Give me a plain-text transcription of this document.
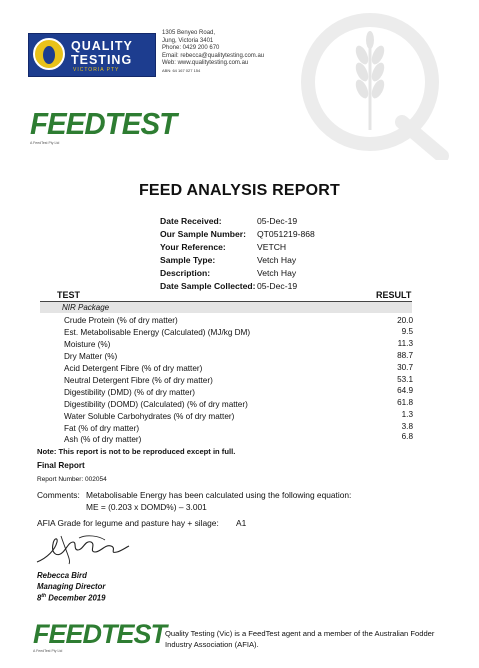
QUALITY
TESTING
VICTORIA PTY
1305 Benyeo Road,
Jung, Victoria 3401
Phone: 0429 200 670
Email: rebecca@qualitytesting.com.au
Web: www.qualitytesting.com.au
ABN: 64 167 027 154
FEEDTEST
A FeedTest Pty Ltd
FEED ANALYSIS REPORT
Date Received:	05-Dec-19
Our Sample Number: QT051219-868
Your Reference:	VETCH
Sample Type:	Vetch Hay
Description:	Vetch Hay
Date Sample Collected: 05-Dec-19
TEST	RESULT
NIR Package
Crude Protein (% of dry matter)	20.0
Est. Metabolisable Energy (Calculated) (MJ/kg DM)	9.5
Moisture (%)	11.3
Dry Matter (%)	88.7
Acid Detergent Fibre (% of dry matter)	30.7
Neutral Detergent Fibre (% of dry matter)	53.1
Digestibility (DMD) (% of dry matter)	64.9
Digestibility (DOMD) (Calculated) (% of dry matter)	61.8
Water Soluble Carbohydrates (% of dry matter)	1.3
Fat (% of dry matter)	3.8
Ash (% of dry matter)	6.8
Note: This report is not to be reproduced except in full.
Final Report
Report Number: 002054
Comments: Metabolisable Energy has been calculated using the following equation:
ME = (0.203 x DOMD%) – 3.001
AFIA Grade for legume and pasture hay + silage: A1
Rebecca Bird
Managing Director
8th December 2019
FEEDTEST
A FeedTest Pty Ltd
Quality Testing (Vic) is a FeedTest agent and a member of the Australian Fodder Industry Association (AFIA).
